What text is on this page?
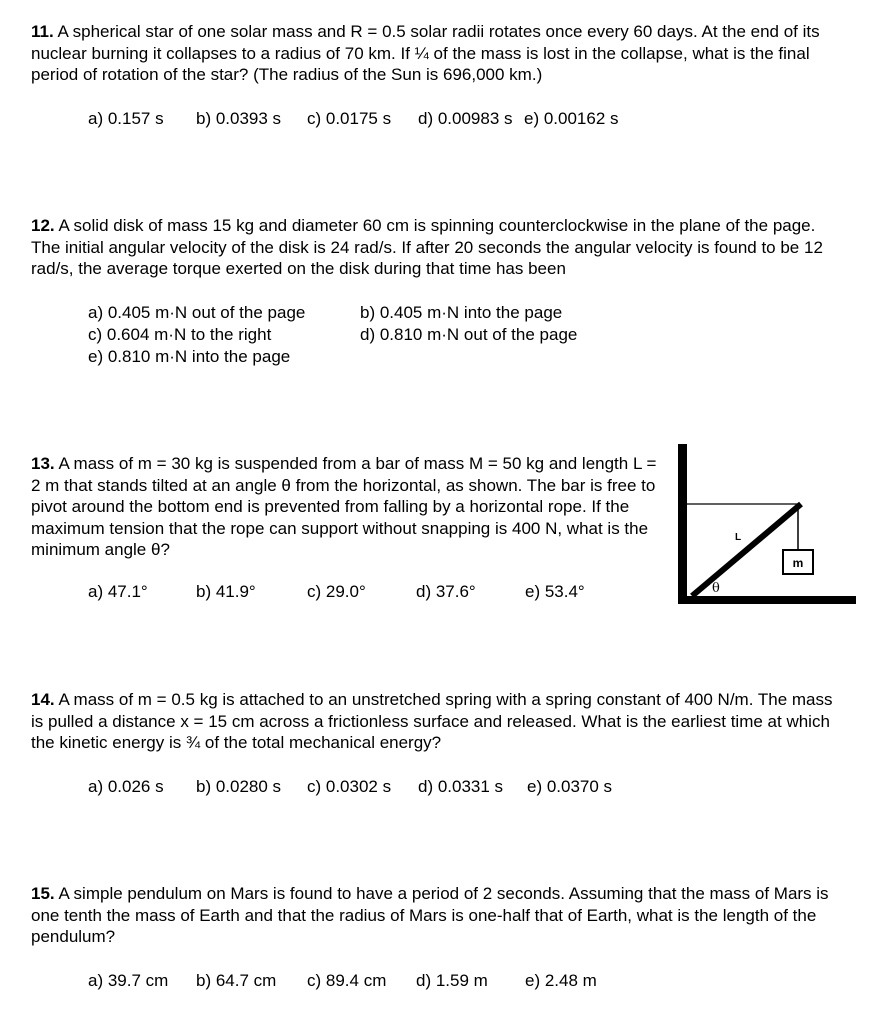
11. A spherical star of one solar mass and R = 0.5 solar radii rotates once every 60 days. At the end of its nuclear burning it collapses to a radius of 70 km. If ¼ of the mass is lost in the collapse, what is the final period of rotation of the star? (The radius of the Sun is 696,000 km.)

a) 0.157 s b) 0.0393 s c) 0.0175 s d) 0.00983 s e) 0.00162 s

12. A solid disk of mass 15 kg and diameter 60 cm is spinning counterclockwise in the plane of the page. The initial angular velocity of the disk is 24 rad/s. If after 20 seconds the angular velocity is found to be 12 rad/s, the average torque exerted on the disk during that time has been

a) 0.405 m·N out of the page	b) 0.405 m·N into the page
c) 0.604 m·N to the right	d) 0.810 m·N out of the page
e) 0.810 m·N into the page

13. A mass of m = 30 kg is suspended from a bar of mass M = 50 kg and length L = 2 m that stands tilted at an angle θ from the horizontal, as shown. The bar is free to pivot around the bottom end is prevented from falling by a horizontal rope. If the maximum tension that the rope can support without snapping is 400 N, what is the minimum angle θ?

a) 47.1°	b) 41.9°	c) 29.0°	d) 37.6°	e) 53.4°
m
L
θ

14. A mass of m = 0.5 kg is attached to an unstretched spring with a spring constant of 400 N/m. The mass is pulled a distance x = 15 cm across a frictionless surface and released. What is the earliest time at which the kinetic energy is ¾ of the total mechanical energy?

a) 0.026 s b) 0.0280 s c) 0.0302 s d) 0.0331 s e) 0.0370 s

15. A simple pendulum on Mars is found to have a period of 2 seconds. Assuming that the mass of Mars is one tenth the mass of Earth and that the radius of Mars is one-half that of Earth, what is the length of the pendulum?

a) 39.7 cm b) 64.7 cm c) 89.4 cm d) 1.59 m e) 2.48 m
